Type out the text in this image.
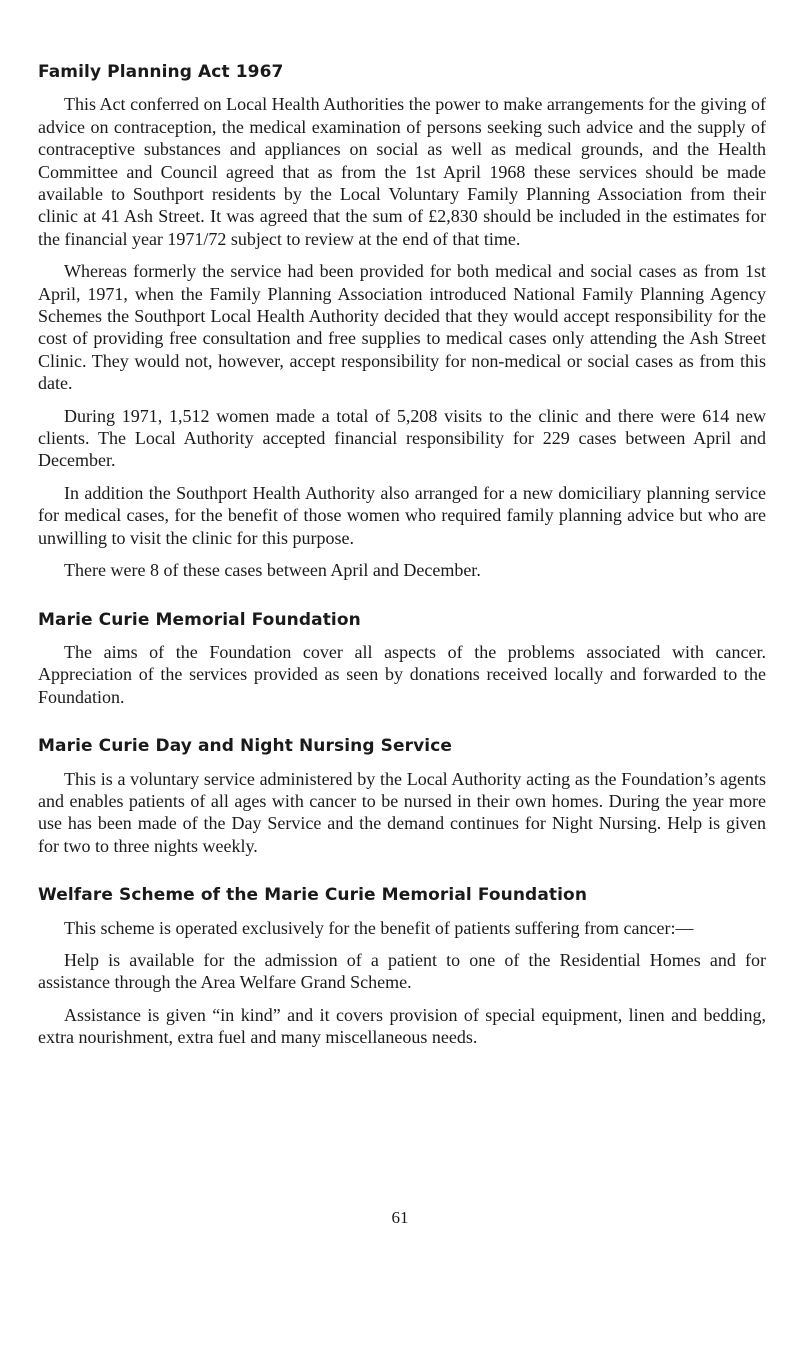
Family Planning Act 1967

This Act conferred on Local Health Authorities the power to make arrangements for the giving of advice on contraception, the medical examination of persons seeking such advice and the supply of contraceptive substances and appliances on social as well as medical grounds, and the Health Committee and Council agreed that as from the 1st April 1968 these services should be made available to Southport residents by the Local Voluntary Family Planning Association from their clinic at 41 Ash Street. It was agreed that the sum of £2,830 should be included in the estimates for the financial year 1971/72 subject to review at the end of that time.

Whereas formerly the service had been provided for both medical and social cases as from 1st April, 1971, when the Family Planning Association introduced National Family Planning Agency Schemes the Southport Local Health Authority decided that they would accept responsibility for the cost of providing free consultation and free supplies to medical cases only attending the Ash Street Clinic. They would not, however, accept responsibility for non-medical or social cases as from this date.

During 1971, 1,512 women made a total of 5,208 visits to the clinic and there were 614 new clients. The Local Authority accepted financial responsibility for 229 cases between April and December.

In addition the Southport Health Authority also arranged for a new domiciliary planning service for medical cases, for the benefit of those women who required family planning advice but who are unwilling to visit the clinic for this purpose.

There were 8 of these cases between April and December.

Marie Curie Memorial Foundation

The aims of the Foundation cover all aspects of the problems associated with cancer. Appreciation of the services provided as seen by donations received locally and forwarded to the Foundation.

Marie Curie Day and Night Nursing Service

This is a voluntary service administered by the Local Authority acting as the Foundation’s agents and enables patients of all ages with cancer to be nursed in their own homes. During the year more use has been made of the Day Service and the demand continues for Night Nursing. Help is given for two to three nights weekly.

Welfare Scheme of the Marie Curie Memorial Foundation

This scheme is operated exclusively for the benefit of patients suffering from cancer:—

Help is available for the admission of a patient to one of the Residential Homes and for assistance through the Area Welfare Grand Scheme.

Assistance is given “in kind” and it covers provision of special equipment, linen and bedding, extra nourishment, extra fuel and many miscellaneous needs.

61
